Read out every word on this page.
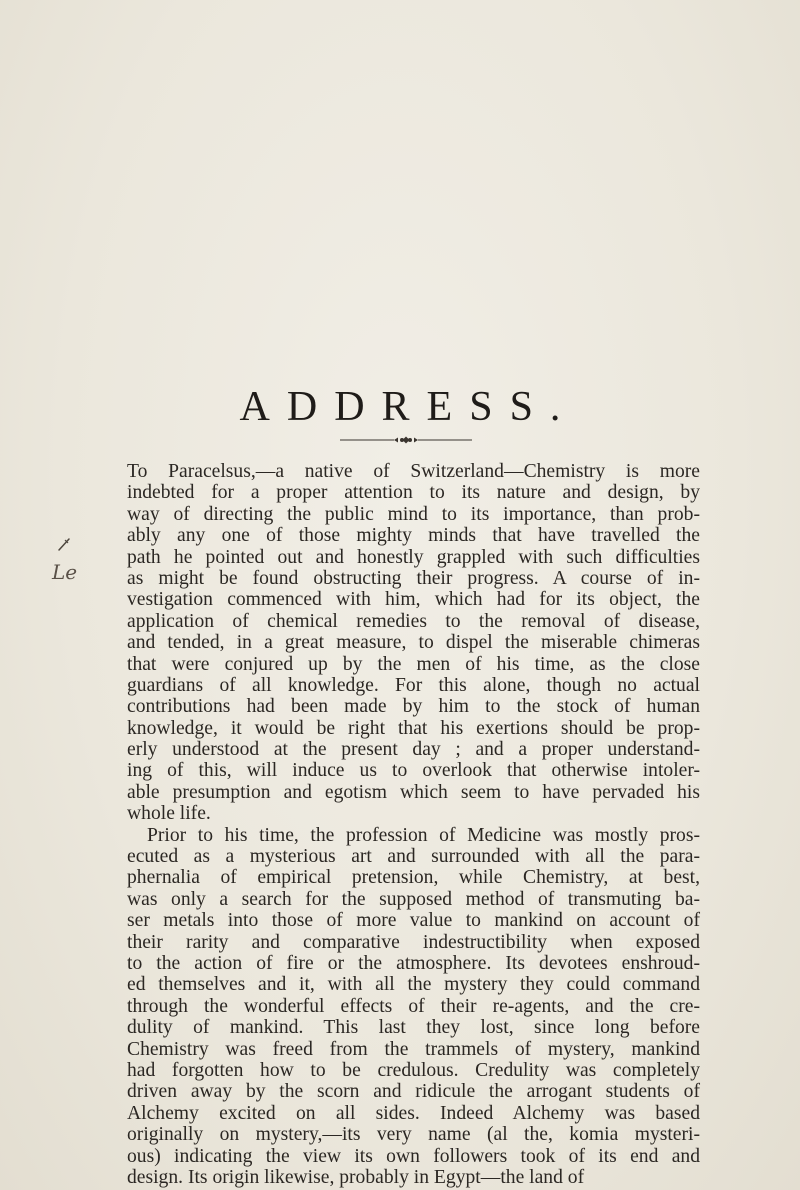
ADDRESS.
Le
To Paracelsus,—a native of Switzerland—Chemistry is more
indebted for a proper attention to its nature and design, by
way of directing the public mind to its importance, than prob-
ably any one of those mighty minds that have travelled the
path he pointed out and honestly grappled with such difficulties
as might be found obstructing their progress. A course of in-
vestigation commenced with him, which had for its object, the
application of chemical remedies to the removal of disease,
and tended, in a great measure, to dispel the miserable chimeras
that were conjured up by the men of his time, as the close
guardians of all knowledge. For this alone, though no actual
contributions had been made by him to the stock of human
knowledge, it would be right that his exertions should be prop-
erly understood at the present day ; and a proper understand-
ing of this, will induce us to overlook that otherwise intoler-
able presumption and egotism which seem to have pervaded his
whole life.
Prior to his time, the profession of Medicine was mostly pros-
ecuted as a mysterious art and surrounded with all the para-
phernalia of empirical pretension, while Chemistry, at best,
was only a search for the supposed method of transmuting ba-
ser metals into those of more value to mankind on account of
their rarity and comparative indestructibility when exposed
to the action of fire or the atmosphere. Its devotees enshroud-
ed themselves and it, with all the mystery they could command
through the wonderful effects of their re-agents, and the cre-
dulity of mankind. This last they lost, since long before
Chemistry was freed from the trammels of mystery, mankind
had forgotten how to be credulous. Credulity was completely
driven away by the scorn and ridicule the arrogant students of
Alchemy excited on all sides. Indeed Alchemy was based
originally on mystery,—its very name (al the, komia mysteri-
ous) indicating the view its own followers took of its end and
design. Its origin likewise, probably in Egypt—the land of
